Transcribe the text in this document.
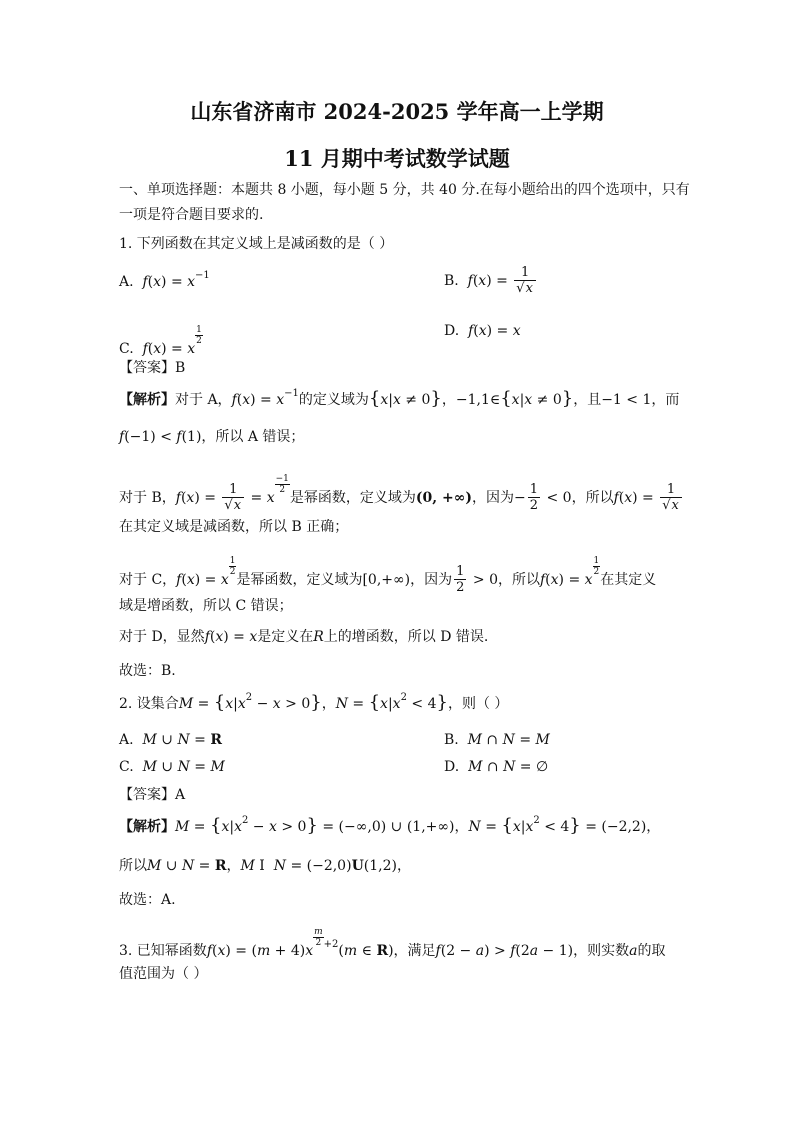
山东省济南市 2024-2025 学年高一上学期
11 月期中考试数学试题
一、单项选择题：本题共 8 小题，每小题 5 分，共 40 分.在每小题给出的四个选项中，只有
一项是符合题目要求的.
1. 下列函数在其定义域上是减函数的是（ ）
A.  $f(x) = x^{-1}$	B.  $f(x) = \frac{1}{√x}$
C.  f(x) = x
$\frac{1}{2}$	D.  f(x) = x
【答案】B
【解析】对于 A，$f(x) = x^{-1}$的定义域为{x|x ≠ 0}，−1,1∈{x|x ≠ 0}，且−1 < 1，而
f(−1) < f(1)，所以 A 错误；
对于 B，$f(x) = \frac{1}{√x} = x$
$\frac{-1}{2}$
是幂函数，定义域为(0, +∞)，因为− $\frac{1}{2} < 0$，所以$f(x) = \frac{1}{√x}$
在其定义域是减函数，所以 B 正确；
对于 C，f(x) = x
$\frac{1}{2}$
是幂函数，定义域为[0,+∞)，因为 $\frac{1}{2} > 0$，所以f(x) = x
$\frac{1}{2}$
在其定义
域是增函数，所以 C 错误；
对于 D，显然f(x) = x是定义在R上的增函数，所以 D 错误.
故选：B.
2. 设集合$M = \{x|x^2 - x > 0\}$，$N = \{x|x^2 < 4\}$，则（ ）
A.  M ∪ N = R	B.  M ∩ N = M
C.  M ∪ N = M	D.  M ∩ N = ∅
【答案】A
【解析】$M = \{x|x^2 - x > 0\} = (-\infty,0)$ ∪ (1,+∞)，$N = \{x|x^2 < 4\} = (-2,2)$，
所以M ∪ N = R，M I  N = (−2,0)U(1,2)，
故选：A.
3. 已知幂函数f(x) = (m + 4)x
$\frac{m}{2} ^{+2}(m$ ∈ R)，满足f(2 − a) > f(2a − 1)，则实数a的取
值范围为（ ）
